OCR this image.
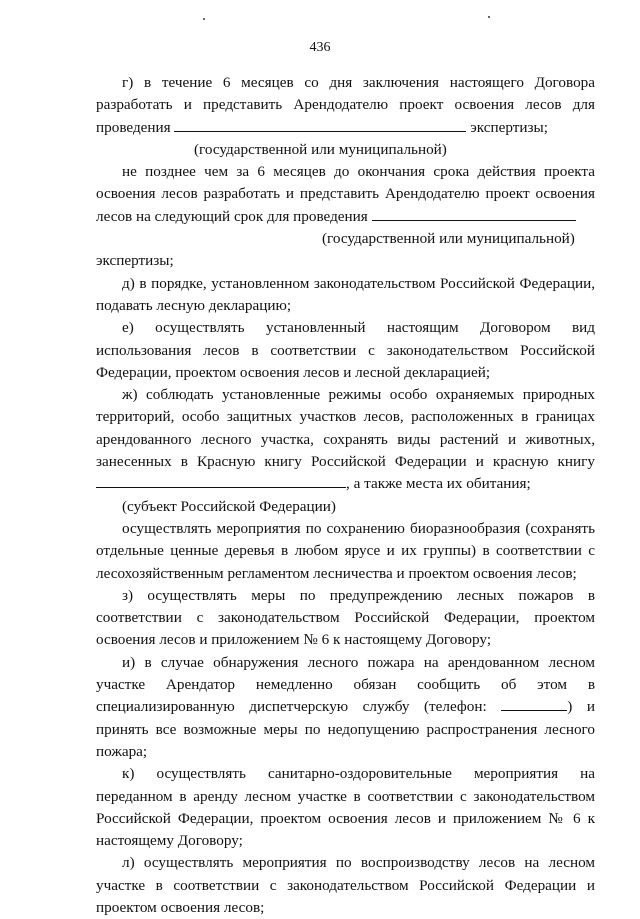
436
г) в течение 6 месяцев со дня заключения настоящего Договора
разработать и представить Арендодателю проект освоения лесов для
проведения	экспертизы;
(государственной или муниципальной)
не позднее чем за 6 месяцев до окончания срока действия проекта
освоения лесов разработать и представить Арендодателю проект освоения
лесов на следующий срок для проведения
(государственной или муниципальной)
экспертизы;
д) в порядке, установленном законодательством Российской Федерации,
подавать лесную декларацию;
е) осуществлять установленный настоящим Договором вид
использования лесов в соответствии с законодательством Российской
Федерации, проектом освоения лесов и лесной декларацией;
ж) соблюдать установленные режимы особо охраняемых природных
территорий, особо защитных участков лесов, расположенных в границах
арендованного лесного участка, сохранять виды растений и животных,
занесенных в Красную книгу Российской Федерации и красную книгу
, а также места их обитания;
(субъект Российской Федерации)
осуществлять мероприятия по сохранению биоразнообразия (сохранять
отдельные ценные деревья в любом ярусе и их группы) в соответствии с
лесохозяйственным регламентом лесничества и проектом освоения лесов;
з) осуществлять меры по предупреждению лесных пожаров в
соответствии с законодательством Российской Федерации, проектом
освоения лесов и приложением № 6 к настоящему Договору;
и) в случае обнаружения лесного пожара на арендованном лесном
участке Арендатор немедленно обязан сообщить об этом в
специализированную диспетчерскую службу (телефон:	) и
принять все возможные меры по недопущению распространения лесного
пожара;
к) осуществлять санитарно-оздоровительные мероприятия на
переданном в аренду лесном участке в соответствии с законодательством
Российской Федерации, проектом освоения лесов и приложением № 6 к
настоящему Договору;
л) осуществлять мероприятия по воспроизводству лесов на лесном
участке в соответствии с законодательством Российской Федерации и
проектом освоения лесов;
